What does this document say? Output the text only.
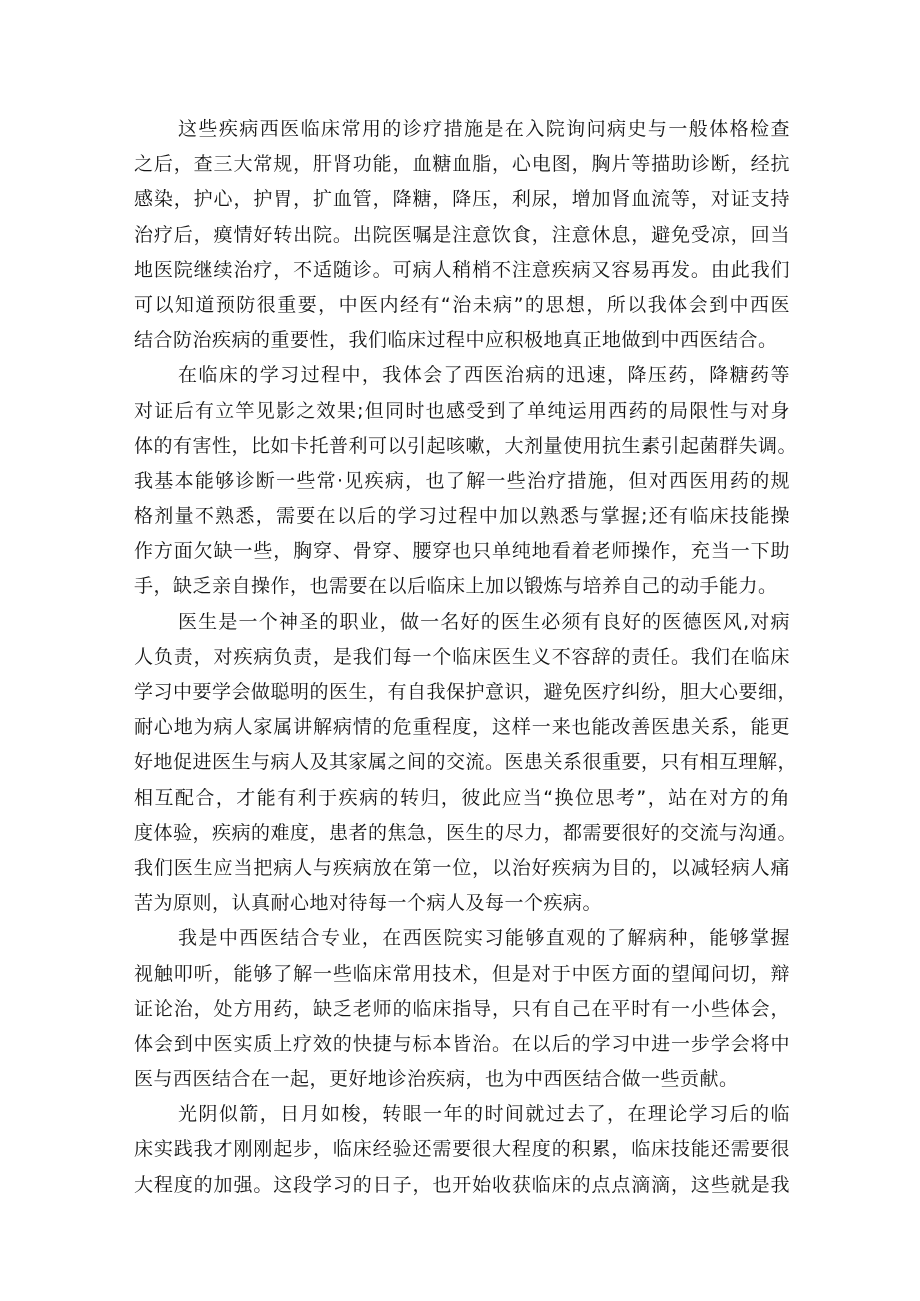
这些疾病西医临床常用的诊疗措施是在入院询问病史与一般体格检查
之后，查三大常规，肝肾功能，血糖血脂，心电图，胸片等描助诊断，经抗
感染，护心，护胃，扩血管，降糖，降压，利尿，增加肾血流等，对证支持
治疗后，瘼情好转出院。出院医嘱是注意饮食，注意休息，避免受凉，回当
地医院继续治疗，不适随诊。可病人稍梢不注意疾病又容易再发。由此我们
可以知道预防很重要，中医内经有“治未病”的思想，所以我体会到中西医
结合防治疾病的重要性，我们临床过程中应积极地真正地做到中西医结合。
在临床的学习过程中，我体会了西医治病的迅速，降压药，降糖药等
对证后有立竿见影之效果;但同时也感受到了单纯运用西药的局限性与对身
体的有害性，比如卡托普利可以引起咳嗽，大剂量使用抗生素引起菌群失调。
我基本能够诊断一些常·见疾病，也了解一些治疗措施，但对西医用药的规
格剂量不熟悉，需要在以后的学习过程中加以熟悉与掌握;还有临床技能操
作方面欠缺一些，胸穿、骨穿、腰穿也只单纯地看着老师操作，充当一下助
手，缺乏亲自操作，也需要在以后临床上加以锻炼与培养自己的动手能力。
医生是一个神圣的职业，做一名好的医生必须有良好的医德医风,对病
人负责，对疾病负责，是我们每一个临床医生义不容辞的责任。我们在临床
学习中要学会做聪明的医生，有自我保护意识，避免医疗纠纷，胆大心要细，
耐心地为病人家属讲解病情的危重程度，这样一来也能改善医患关系，能更
好地促进医生与病人及其家属之间的交流。医患关系很重要，只有相互理解，
相互配合，才能有利于疾病的转归，彼此应当“换位思考”，站在对方的角
度体验，疾病的难度，患者的焦急，医生的尽力，都需要很好的交流与沟通。
我们医生应当把病人与疾病放在第一位，以治好疾病为目的，以减轻病人痛
苦为原则，认真耐心地对待每一个病人及每一个疾病。
我是中西医结合专业，在西医院实习能够直观的了解病种，能够掌握
视触叩听，能够了解一些临床常用技术，但是对于中医方面的望闻问切，辩
证论治，处方用药，缺乏老师的临床指导，只有自己在平时有一小些体会，
体会到中医实质上疗效的快捷与标本皆治。在以后的学习中进一步学会将中
医与西医结合在一起，更好地诊治疾病，也为中西医结合做一些贡献。
光阴似箭，日月如梭，转眼一年的时间就过去了，在理论学习后的临
床实践我才刚刚起步，临床经验还需要很大程度的积累，临床技能还需要很
大程度的加强。这段学习的日子，也开始收获临床的点点滴滴，这些就是我
